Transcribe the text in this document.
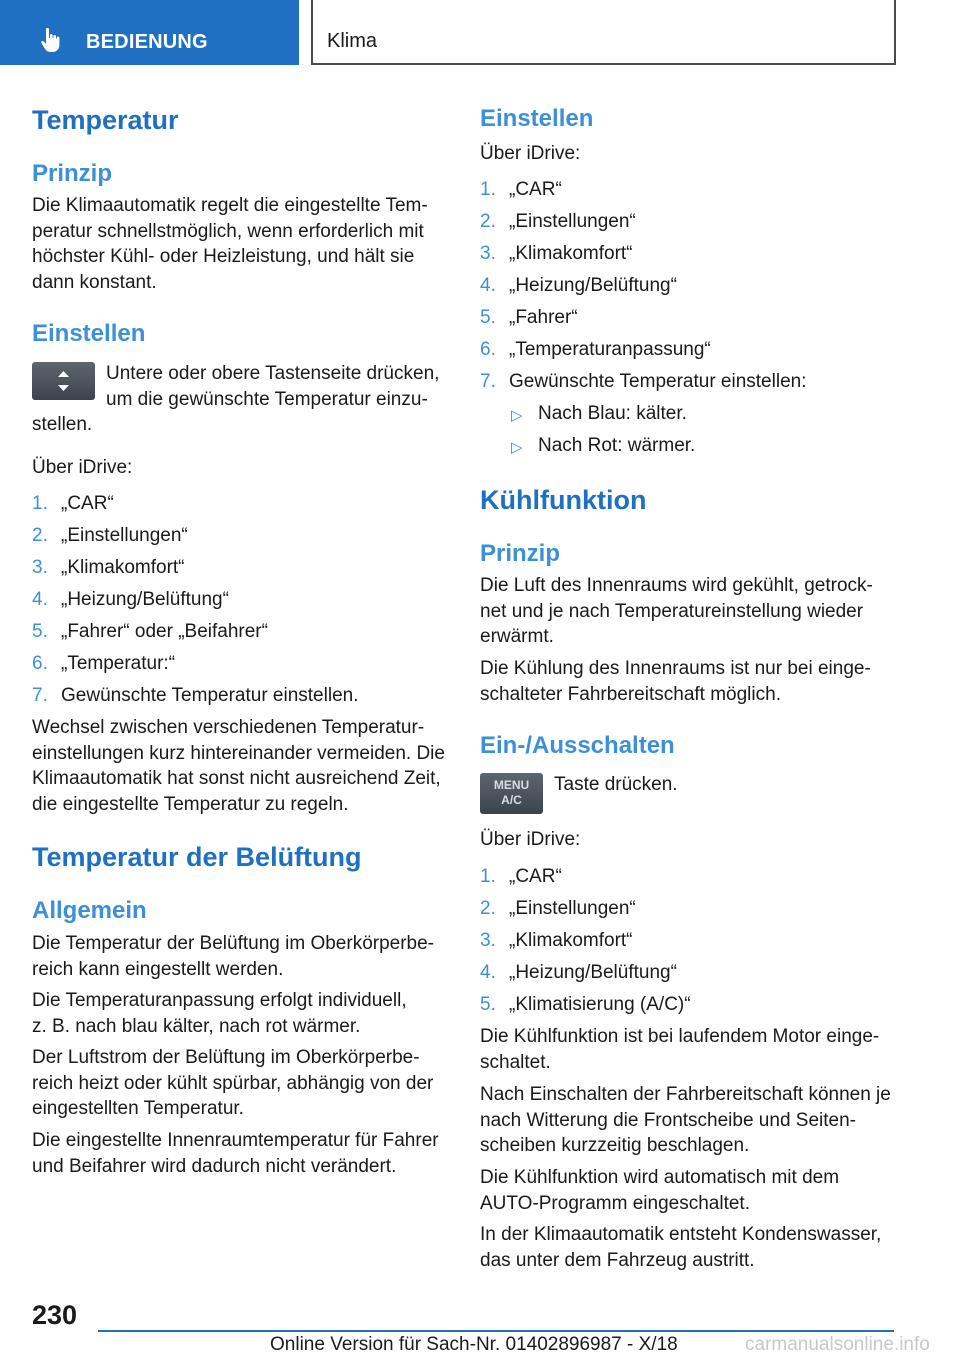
BEDIENUNG	Klima
Temperatur
Prinzip
Die Klimaautomatik regelt die eingestellte Tem-
peratur schnellstmöglich, wenn erforderlich mit
höchster Kühl- oder Heizleistung, und hält sie
dann konstant.
Einstellen
Untere oder obere Tastenseite drücken,
um die gewünschte Temperatur einzu-
stellen.
Über iDrive:
1. „CAR“
2. „Einstellungen“
3. „Klimakomfort“
4. „Heizung/Belüftung“
5. „Fahrer“ oder „Beifahrer“
6. „Temperatur:“
7. Gewünschte Temperatur einstellen.
Wechsel zwischen verschiedenen Temperatur-
einstellungen kurz hintereinander vermeiden. Die
Klimaautomatik hat sonst nicht ausreichend Zeit,
die eingestellte Temperatur zu regeln.
Temperatur der Belüftung
Allgemein
Die Temperatur der Belüftung im Oberkörperbe-
reich kann eingestellt werden.
Die Temperaturanpassung erfolgt individuell,
z. B. nach blau kälter, nach rot wärmer.
Der Luftstrom der Belüftung im Oberkörperbe-
reich heizt oder kühlt spürbar, abhängig von der
eingestellten Temperatur.
Die eingestellte Innenraumtemperatur für Fahrer
und Beifahrer wird dadurch nicht verändert.
Einstellen
Über iDrive:
1. „CAR“
2. „Einstellungen“
3. „Klimakomfort“
4. „Heizung/Belüftung“
5. „Fahrer“
6. „Temperaturanpassung“
7. Gewünschte Temperatur einstellen:
▷ Nach Blau: kälter.
▷ Nach Rot: wärmer.
Kühlfunktion
Prinzip
Die Luft des Innenraums wird gekühlt, getrock-
net und je nach Temperatureinstellung wieder
erwärmt.
Die Kühlung des Innenraums ist nur bei einge-
schalteter Fahrbereitschaft möglich.
Ein-/Ausschalten
MENU
A/C
Taste drücken.
Über iDrive:
1. „CAR“
2. „Einstellungen“
3. „Klimakomfort“
4. „Heizung/Belüftung“
5. „Klimatisierung (A/C)“
Die Kühlfunktion ist bei laufendem Motor einge-
schaltet.
Nach Einschalten der Fahrbereitschaft können je
nach Witterung die Frontscheibe und Seiten-
scheiben kurzzeitig beschlagen.
Die Kühlfunktion wird automatisch mit dem
AUTO-Programm eingeschaltet.
In der Klimaautomatik entsteht Kondenswasser,
das unter dem Fahrzeug austritt.
230
Online Version für Sach-Nr. 01402896987 - X/18	carmanualsonline.info
